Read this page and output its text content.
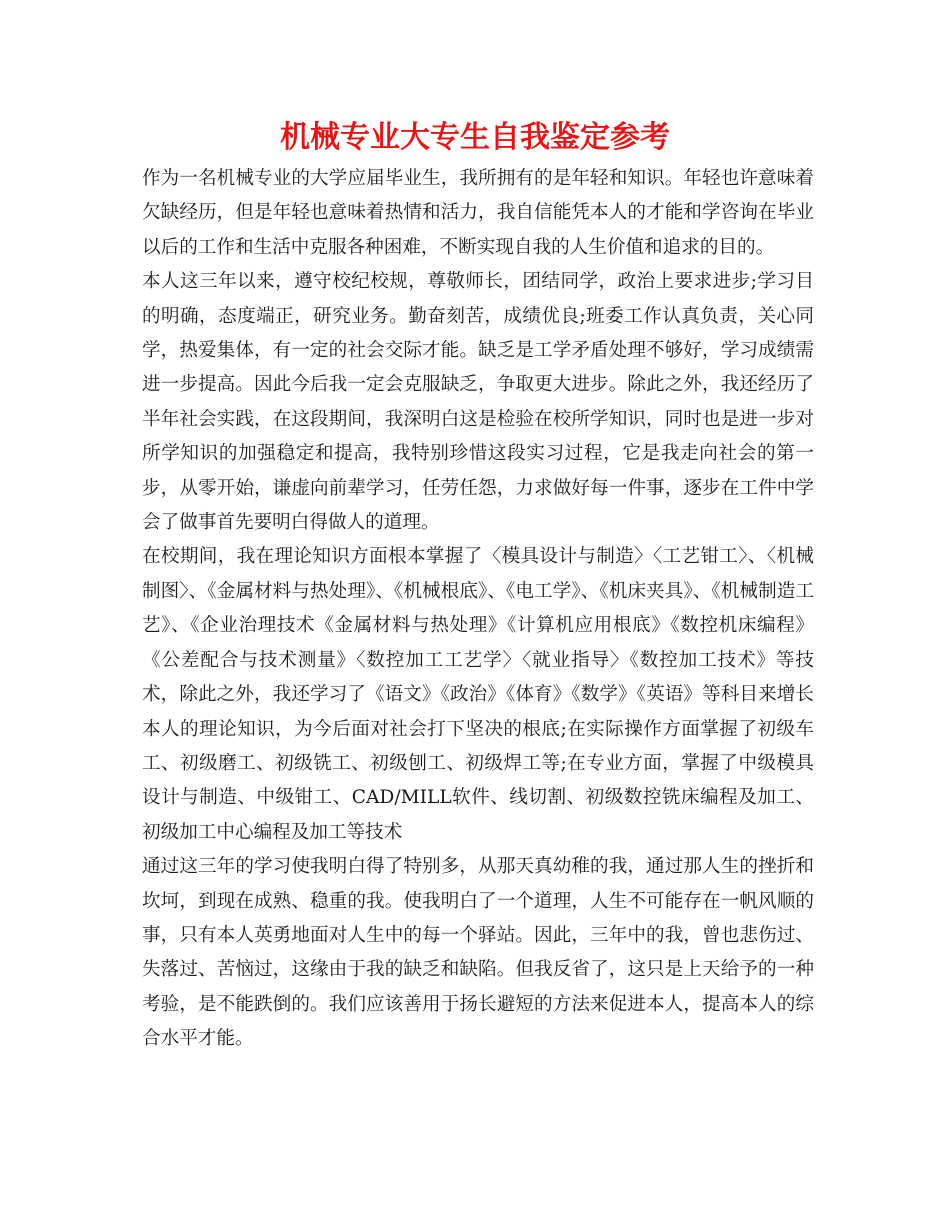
机械专业大专生自我鉴定参考

作为一名机械专业的大学应届毕业生，我所拥有的是年轻和知识。年轻也许意味着欠缺经历，但是年轻也意味着热情和活力，我自信能凭本人的才能和学咨询在毕业以后的工作和生活中克服各种困难，不断实现自我的人生价值和追求的目的。

本人这三年以来，遵守校纪校规，尊敬师长，团结同学，政治上要求进步;学习目的明确，态度端正，研究业务。勤奋刻苦，成绩优良;班委工作认真负责，关心同学，热爱集体，有一定的社会交际才能。缺乏是工学矛盾处理不够好，学习成绩需进一步提高。因此今后我一定会克服缺乏，争取更大进步。除此之外，我还经历了半年社会实践，在这段期间，我深明白这是检验在校所学知识，同时也是进一步对所学知识的加强稳定和提高，我特别珍惜这段实习过程，它是我走向社会的第一步，从零开始，谦虚向前辈学习，任劳任怨，力求做好每一件事，逐步在工件中学会了做事首先要明白得做人的道理。

在校期间，我在理论知识方面根本掌握了〈模具设计与制造〉〈工艺钳工〉、〈机械制图〉、《金属材料与热处理》、《机械根底》、《电工学》、《机床夹具》、《机械制造工艺》、《企业治理技术《金属材料与热处理》《计算机应用根底》《数控机床编程》《公差配合与技术测量》〈数控加工工艺学〉〈就业指导〉《数控加工技术》等技术，除此之外，我还学习了《语文》《政治》《体育》《数学》《英语》等科目来增长本人的理论知识，为今后面对社会打下坚决的根底;在实际操作方面掌握了初级车工、初级磨工、初级铣工、初级刨工、初级焊工等;在专业方面，掌握了中级模具设计与制造、中级钳工、CAD/MILL软件、线切割、初级数控铣床编程及加工、初级加工中心编程及加工等技术

通过这三年的学习使我明白得了特别多，从那天真幼稚的我，通过那人生的挫折和坎坷，到现在成熟、稳重的我。使我明白了一个道理，人生不可能存在一帆风顺的事，只有本人英勇地面对人生中的每一个驿站。因此，三年中的我，曾也悲伤过、失落过、苦恼过，这缘由于我的缺乏和缺陷。但我反省了，这只是上天给予的一种考验，是不能跌倒的。我们应该善用于扬长避短的方法来促进本人，提高本人的综合水平才能。
